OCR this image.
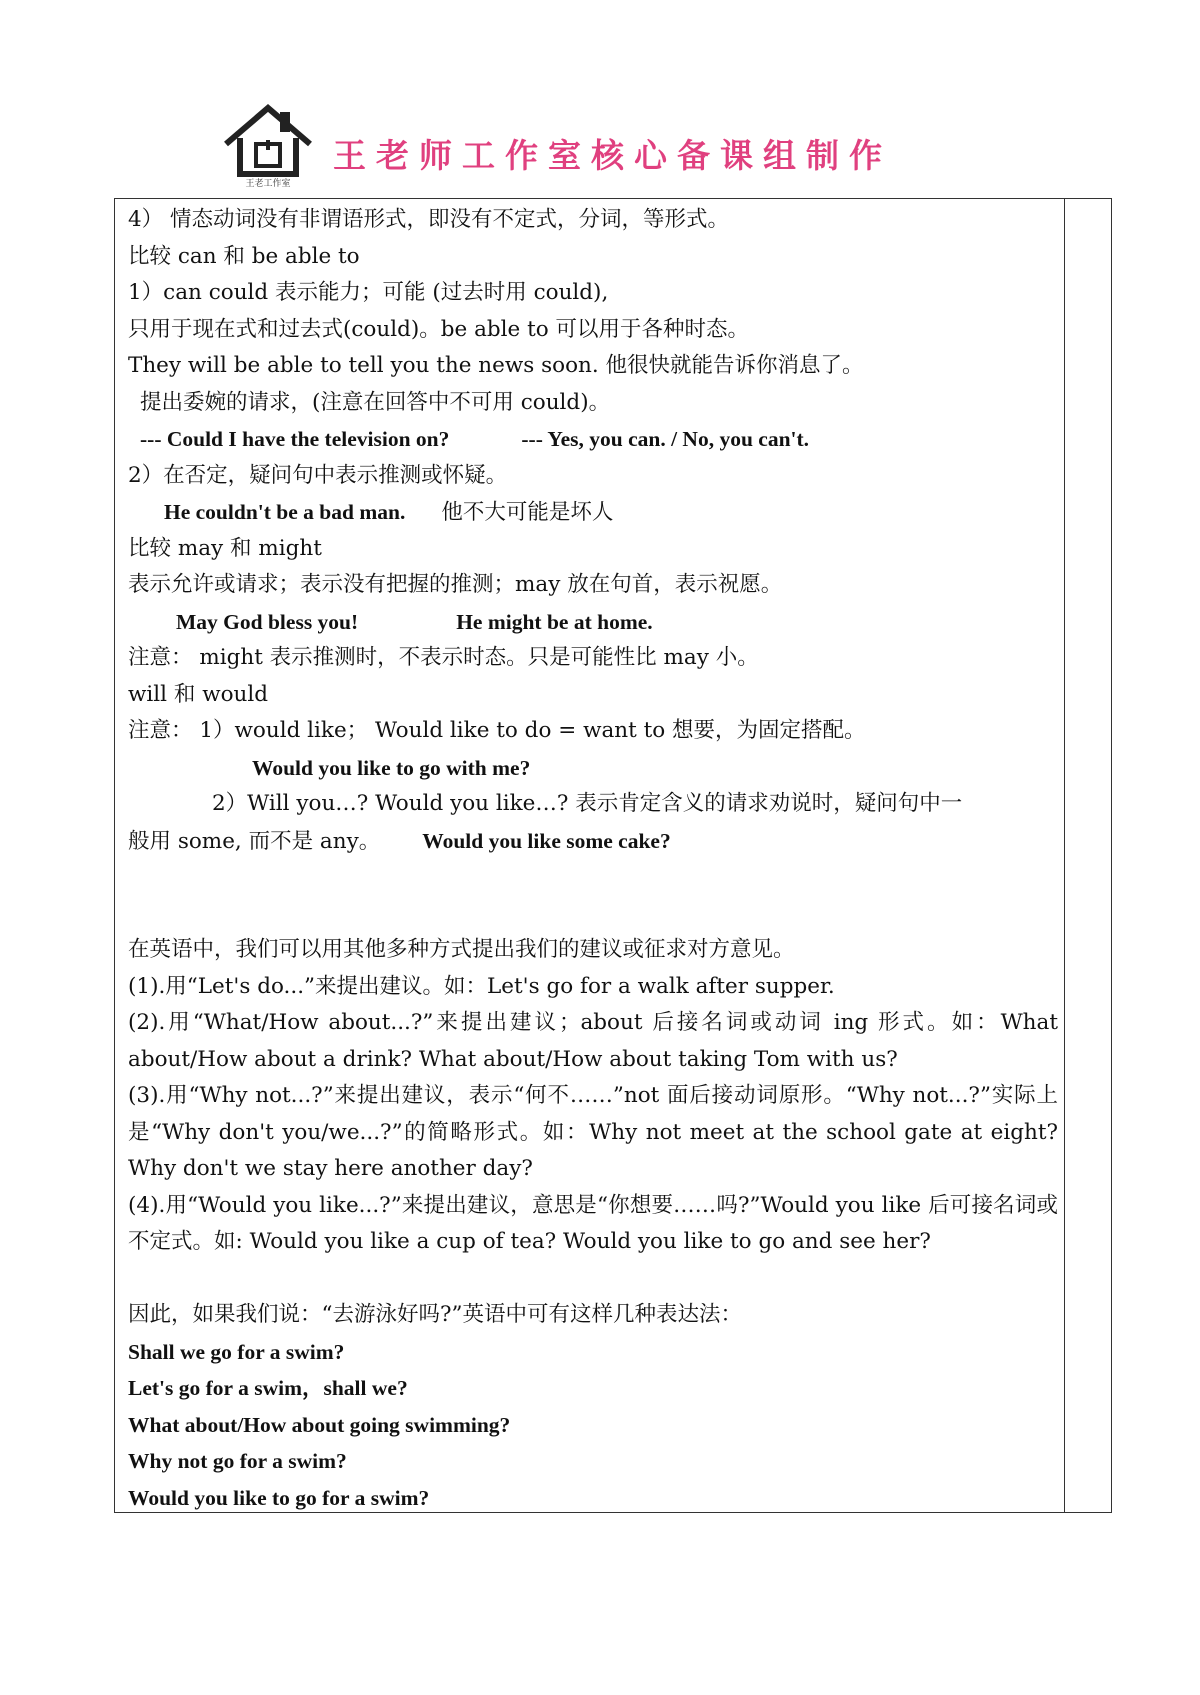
王老工作室
王老师工作室核心备课组制作
4） 情态动词没有非谓语形式，即没有不定式，分词，等形式。
比较 can 和 be able to
1）can could 表示能力；可能 (过去时用 could),
只用于现在式和过去式(could)。be able to 可以用于各种时态。
They will be able to tell you the news soon. 他很快就能告诉你消息了。
提出委婉的请求，(注意在回答中不可用 could)。
--- Could I have the television on?	--- Yes, you can. / No, you can't.
2）在否定，疑问句中表示推测或怀疑。
He couldn't be a bad man. 他不大可能是坏人
比较 may 和 might
表示允许或请求；表示没有把握的推测；may 放在句首，表示祝愿。
May God bless you!	He might be at home.
注意： might 表示推测时，不表示时态。只是可能性比 may 小。
will 和 would
注意： 1）would like； Would like to do = want to 想要，为固定搭配。
Would you like to go with me?
2）Will you…? Would you like…? 表示肯定含义的请求劝说时，疑问句中一
般用 some, 而不是 any。 Would you like some cake?
在英语中，我们可以用其他多种方式提出我们的建议或征求对方意见。
(1).用“Let's do...”来提出建议。如：Let's go for a walk after supper.
(2).用“What/How about...?”来提出建议；about 后接名词或动词 ing 形式。如：What about/How about a drink? What about/How about taking Tom with us?
(3).用“Why not...?”来提出建议，表示“何不……”not 面后接动词原形。“Why not...?”实际上是“Why don't you/we...?”的简略形式。如：Why not meet at the school gate at eight? Why don't we stay here another day?
(4).用“Would you like...?”来提出建议，意思是“你想要……吗?”Would you like 后可接名词或不定式。如: Would you like a cup of tea? Would you like to go and see her?
因此，如果我们说：“去游泳好吗?”英语中可有这样几种表达法：
Shall we go for a swim?
Let's go for a swim，shall we?
What about/How about going swimming?
Why not go for a swim?
Would you like to go for a swim?
